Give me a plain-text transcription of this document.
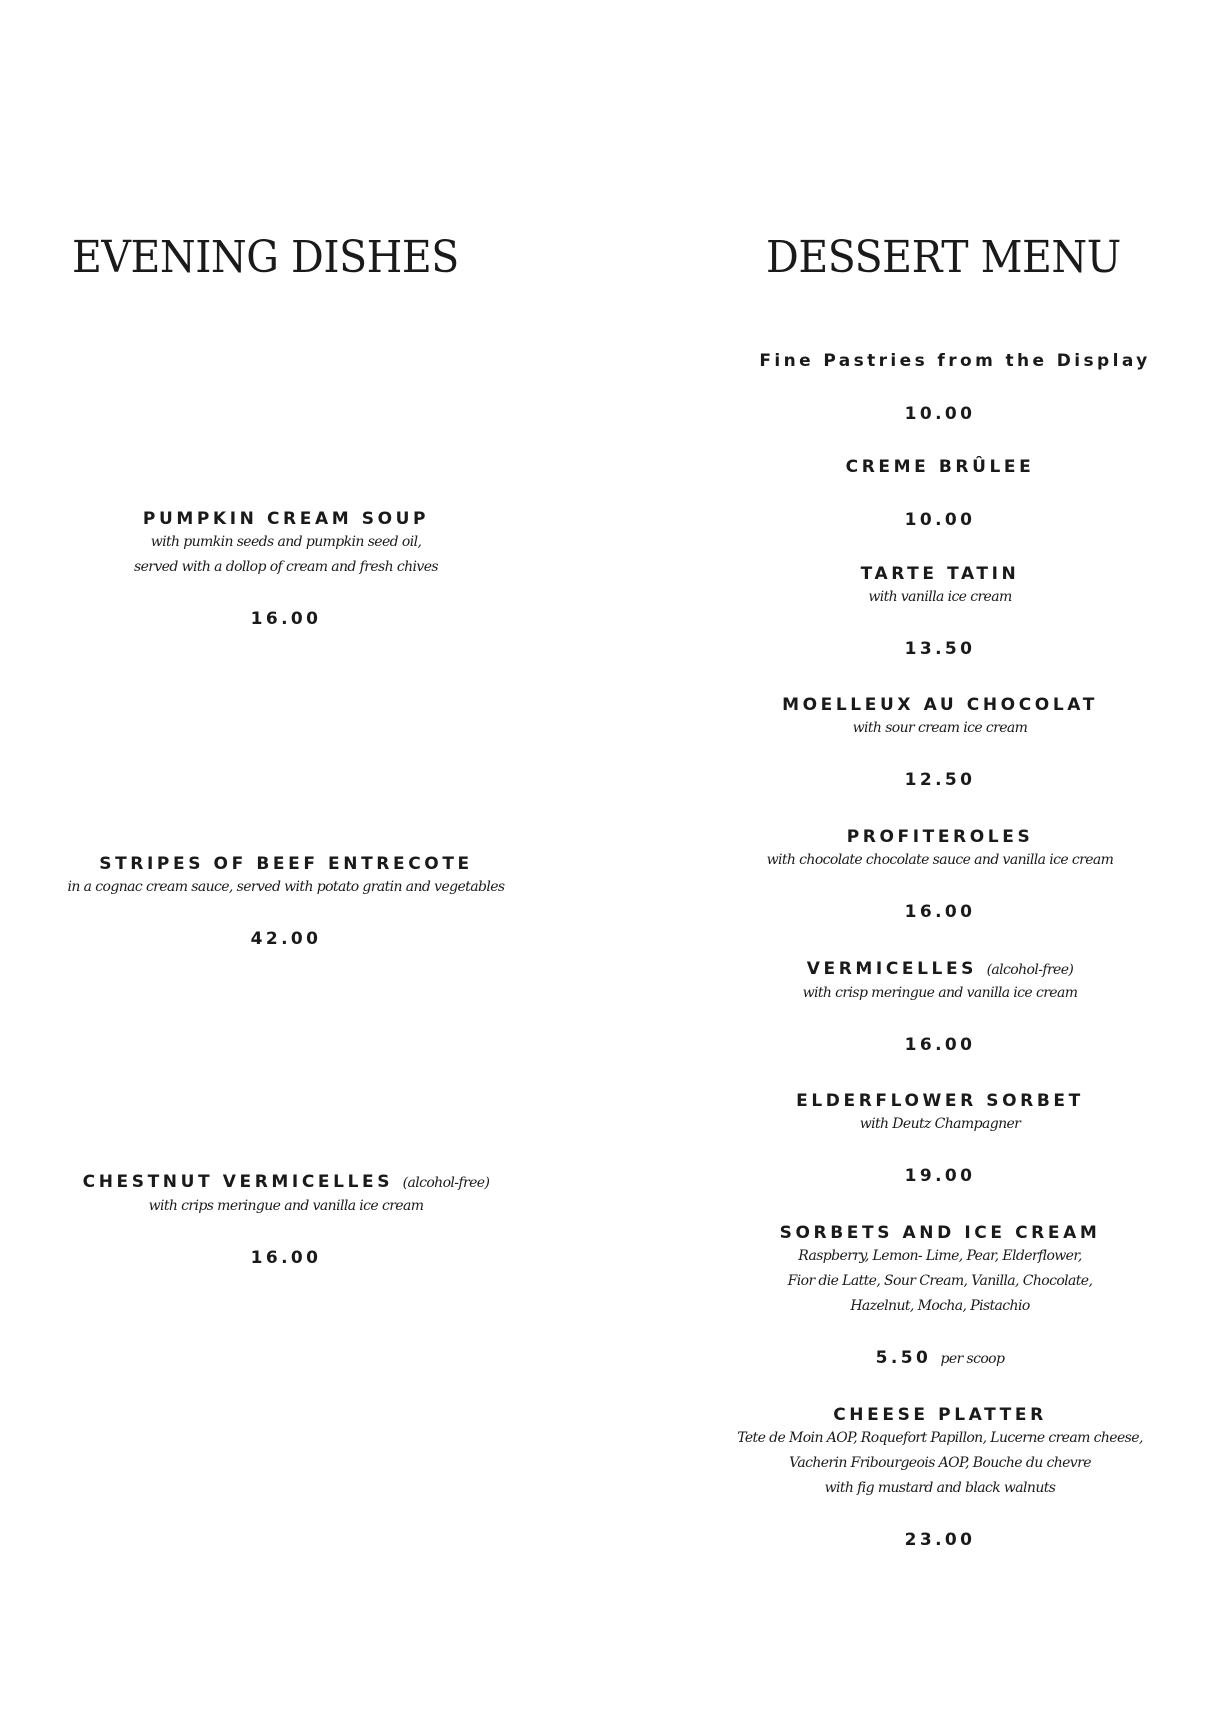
EVENING DISHES
PUMPKIN CREAM SOUP
with pumkin seeds and pumpkin seed oil,
served with a dollop of cream and fresh chives
16.00
STRIPES OF BEEF ENTRECOTE
in a cognac cream sauce, served with potato gratin and vegetables
42.00
CHESTNUT VERMICELLES (alcohol-free)
with crips meringue and vanilla ice cream
16.00
DESSERT MENU
Fine Pastries from the Display
10.00
CREME BRÛLEE
10.00
TARTE TATIN
with vanilla ice cream
13.50
MOELLEUX AU CHOCOLAT
with sour cream ice cream
12.50
PROFITEROLES
with chocolate chocolate sauce and vanilla ice cream
16.00
VERMICELLES (alcohol-free)
with crisp meringue and vanilla ice cream
16.00
ELDERFLOWER SORBET
with Deutz Champagner
19.00
SORBETS AND ICE CREAM
Raspberry, Lemon- Lime, Pear, Elderflower,
Fior die Latte, Sour Cream, Vanilla, Chocolate,
Hazelnut, Mocha, Pistachio
5.50 per scoop
CHEESE PLATTER
Tete de Moin AOP, Roquefort Papillon, Lucerne cream cheese,
Vacherin Fribourgeois AOP, Bouche du chevre
with fig mustard and black walnuts
23.00
